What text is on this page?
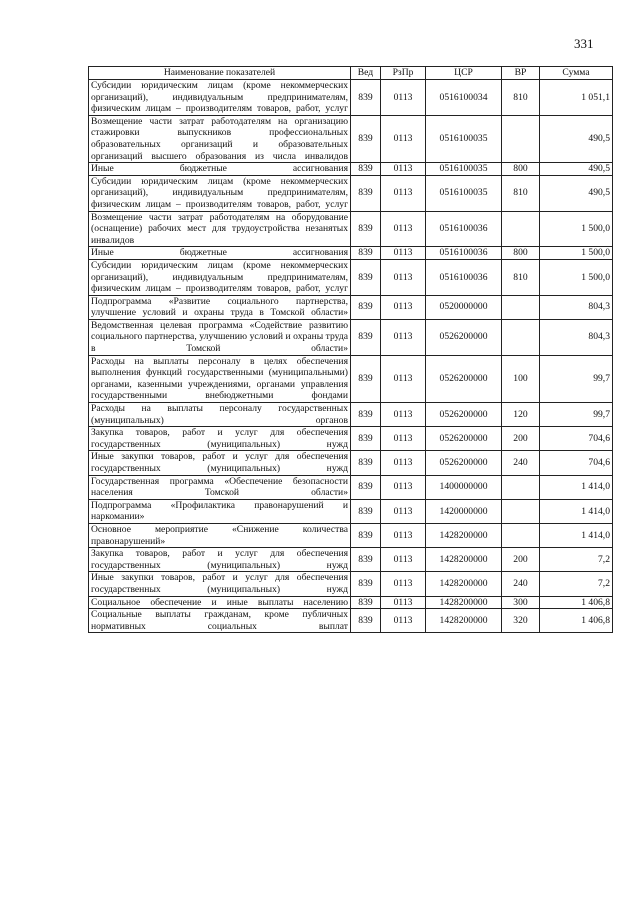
331
Наименование показателей	Вед	РзПр	ЦСР	ВР	Сумма
Субсидии юридическим лицам (кроме некоммерческих организаций), индивидуальным предпринимателям, физическим лицам – производителям товаров, работ, услуг	839	0113	0516100034	810	1 051,1
Возмещение части затрат работодателям на организацию стажировки выпускников профессиональных образовательных организаций и образовательных организаций высшего образования из числа инвалидов	839	0113	0516100035		490,5
Иные бюджетные ассигнования	839	0113	0516100035	800	490,5
Субсидии юридическим лицам (кроме некоммерческих организаций), индивидуальным предпринимателям, физическим лицам – производителям товаров, работ, услуг	839	0113	0516100035	810	490,5
Возмещение части затрат работодателям на оборудование (оснащение) рабочих мест для трудоустройства незанятых инвалидов	839	0113	0516100036		1 500,0
Иные бюджетные ассигнования	839	0113	0516100036	800	1 500,0
Субсидии юридическим лицам (кроме некоммерческих организаций), индивидуальным предпринимателям, физическим лицам – производителям товаров, работ, услуг	839	0113	0516100036	810	1 500,0
Подпрограмма «Развитие социального партнерства, улучшение условий и охраны труда в Томской области»	839	0113	0520000000		804,3
Ведомственная целевая программа «Содействие развитию социального партнерства, улучшению условий и охраны труда в Томской области»	839	0113	0526200000		804,3
Расходы на выплаты персоналу в целях обеспечения выполнения функций государственными (муниципальными) органами, казенными учреждениями, органами управления государственными внебюджетными фондами	839	0113	0526200000	100	99,7
Расходы на выплаты персоналу государственных (муниципальных) органов	839	0113	0526200000	120	99,7
Закупка товаров, работ и услуг для обеспечения государственных (муниципальных) нужд	839	0113	0526200000	200	704,6
Иные закупки товаров, работ и услуг для обеспечения государственных (муниципальных) нужд	839	0113	0526200000	240	704,6
Государственная программа «Обеспечение безопасности населения Томской области»	839	0113	1400000000		1 414,0
Подпрограмма «Профилактика правонарушений и наркомании»	839	0113	1420000000		1 414,0
Основное мероприятие «Снижение количества правонарушений»	839	0113	1428200000		1 414,0
Закупка товаров, работ и услуг для обеспечения государственных (муниципальных) нужд	839	0113	1428200000	200	7,2
Иные закупки товаров, работ и услуг для обеспечения государственных (муниципальных) нужд	839	0113	1428200000	240	7,2
Социальное обеспечение и иные выплаты населению	839	0113	1428200000	300	1 406,8
Социальные выплаты гражданам, кроме публичных нормативных социальных выплат	839	0113	1428200000	320	1 406,8
